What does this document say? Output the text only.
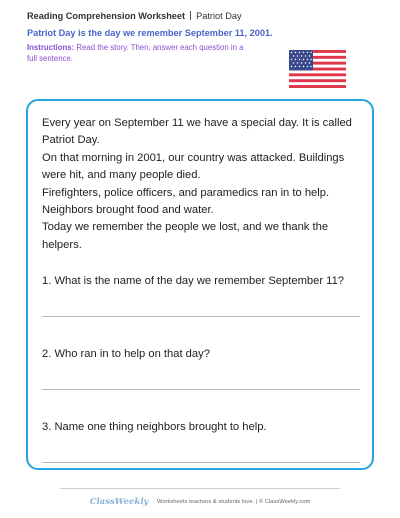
Reading Comprehension Worksheet Patriot Day
Patriot Day is the day we remember September 11, 2001.
Instructions: Read the story. Then, answer each question in a full sentence.

Every year on September 11 we have a special day. It is called Patriot Day.

On that morning in 2001, our country was attacked. Buildings were hit, and many people died.

Firefighters, police officers, and paramedics ran in to help.

Neighbors brought food and water.

Today we remember the people we lost, and we thank the helpers.

1. What is the name of the day we remember September 11?

2. Who ran in to help on that day?

3. Name one thing neighbors brought to help.

ClassWeekly Worksheets teachers & students love. | © ClassWeekly.com
